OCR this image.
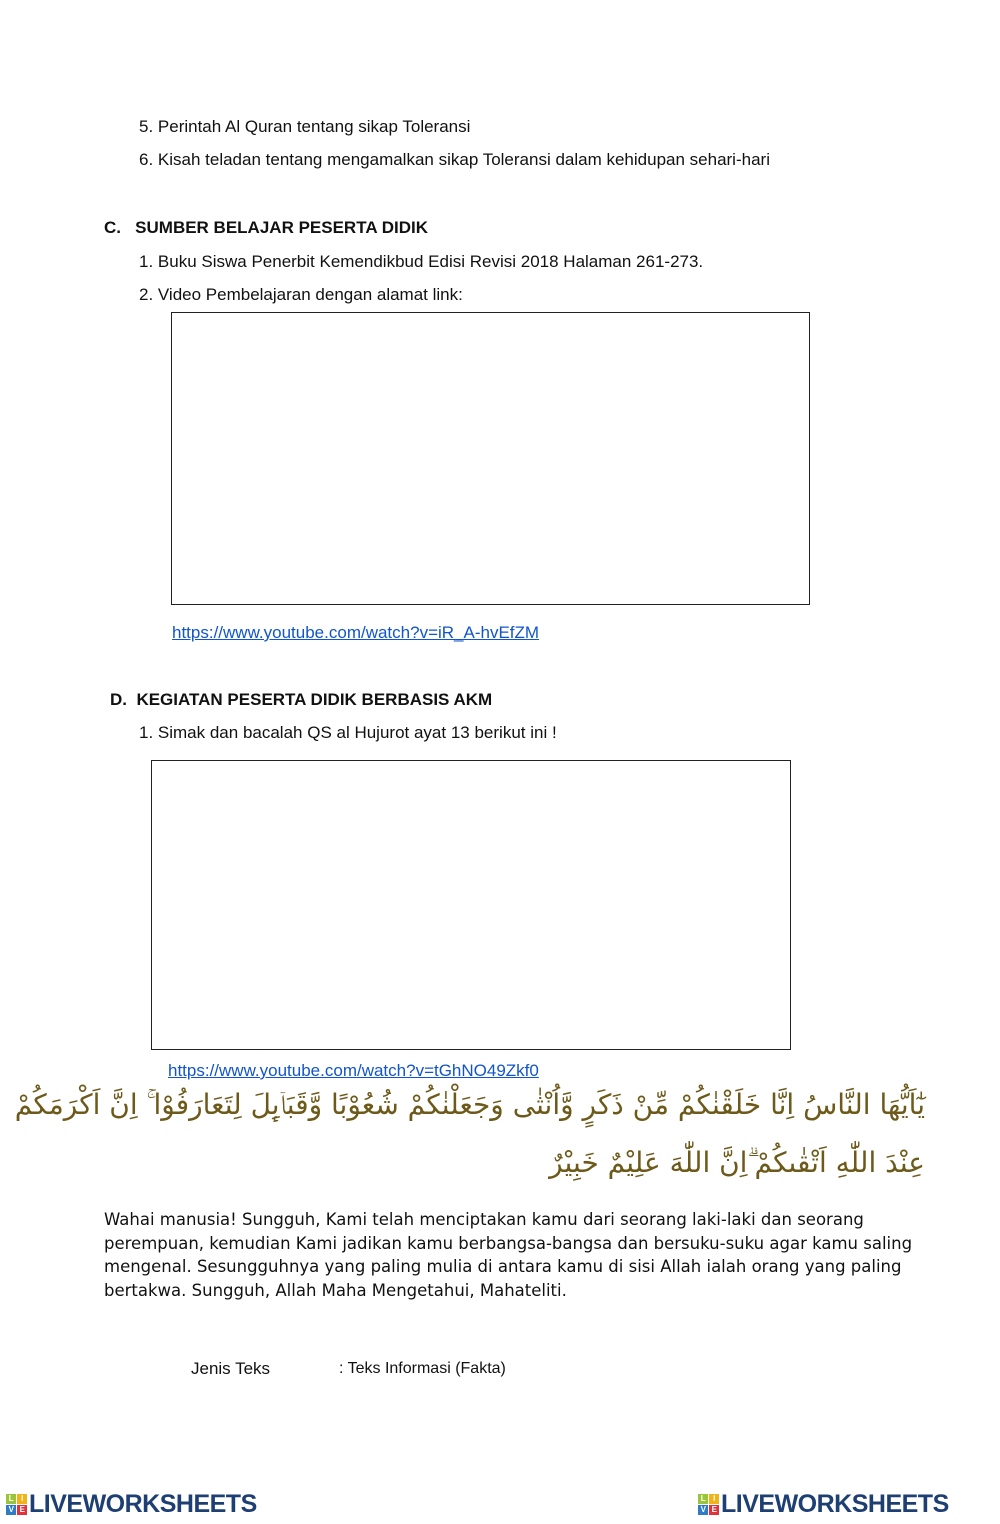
5. Perintah Al Quran tentang sikap Toleransi
6. Kisah teladan tentang mengamalkan sikap Toleransi dalam kehidupan sehari-hari
C.   SUMBER BELAJAR PESERTA DIDIK
1. Buku Siswa Penerbit Kemendikbud Edisi Revisi 2018 Halaman 261-273.
2. Video Pembelajaran dengan alamat link:
https://www.youtube.com/watch?v=iR_A-hvEfZM
D.  KEGIATAN PESERTA DIDIK BERBASIS AKM
1. Simak dan bacalah QS al Hujurot ayat 13 berikut ini !
https://www.youtube.com/watch?v=tGhNO49Zkf0
يٰٓاَيُّهَا النَّاسُ اِنَّا خَلَقْنٰكُمْ مِّنْ ذَكَرٍ وَّاُنْثٰى وَجَعَلْنٰكُمْ شُعُوْبًا وَّقَبَاۤىِٕلَ لِتَعَارَفُوْا ۚ اِنَّ اَكْرَمَكُمْ
عِنْدَ اللّٰهِ اَتْقٰىكُمْ ۗاِنَّ اللّٰهَ عَلِيْمٌ خَبِيْرٌ
Wahai manusia! Sungguh, Kami telah menciptakan kamu dari seorang laki-laki dan seorang perempuan, kemudian Kami jadikan kamu berbangsa-bangsa dan bersuku-suku agar kamu saling mengenal. Sesungguhnya yang paling mulia di antara kamu di sisi Allah ialah orang yang paling bertakwa. Sungguh, Allah Maha Mengetahui, Mahateliti.
Jenis Teks	: Teks Informasi (Fakta)
L I
V E LIVEWORKSHEETS	L I
V E LIVEWORKSHEETS
